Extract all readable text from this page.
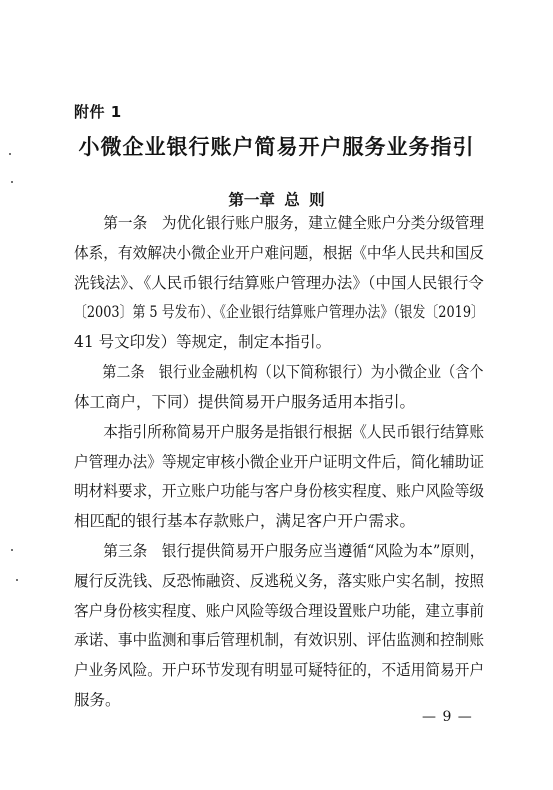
附件 1
小微企业银行账户简易开户服务业务指引
第一章 总 则
　　第一条　为优化银行账户服务，建立健全账户分类分级管理
体系，有效解决小微企业开户难问题，根据《中华人民共和国反
洗钱法》、《人民币银行结算账户管理办法》（中国人民银行令
〔2003〕第 5 号发布）、《企业银行结算账户管理办法》（银发〔2019〕
41 号文印发）等规定，制定本指引。
　　第二条　银行业金融机构（以下简称银行）为小微企业（含个
体工商户，下同）提供简易开户服务适用本指引。
　　本指引所称简易开户服务是指银行根据《人民币银行结算账
户管理办法》等规定审核小微企业开户证明文件后，简化辅助证
明材料要求，开立账户功能与客户身份核实程度、账户风险等级
相匹配的银行基本存款账户，满足客户开户需求。
　　第三条　银行提供简易开户服务应当遵循“风险为本”原则，
履行反洗钱、反恐怖融资、反逃税义务，落实账户实名制，按照
客户身份核实程度、账户风险等级合理设置账户功能，建立事前
承诺、事中监测和事后管理机制，有效识别、评估监测和控制账
户业务风险。开户环节发现有明显可疑特征的，不适用简易开户
服务。
— 9 —
